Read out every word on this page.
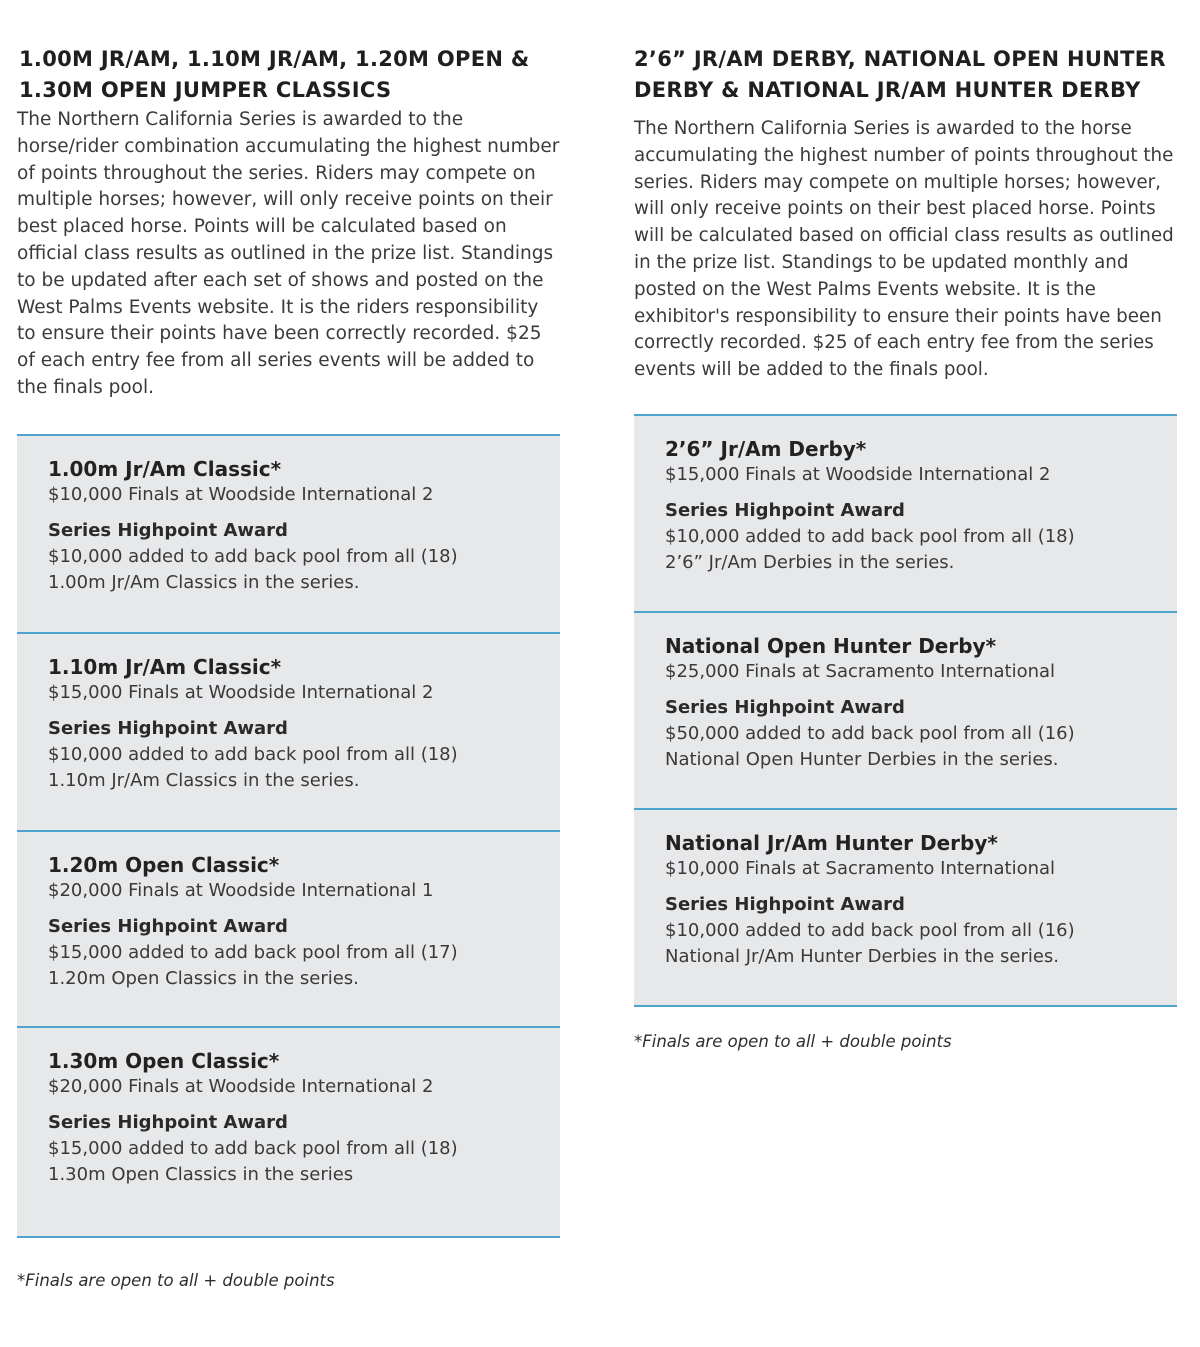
1.00M JR/AM, 1.10M JR/AM, 1.20M OPEN & 1.30M OPEN JUMPER CLASSICS

The Northern California Series is awarded to the horse/rider combination accumulating the highest number of points throughout the series. Riders may compete on multiple horses; however, will only receive points on their best placed horse. Points will be calculated based on official class results as outlined in the prize list. Standings to be updated after each set of shows and posted on the West Palms Events website. It is the riders responsibility to ensure their points have been correctly recorded. $25 of each entry fee from all series events will be added to the finals pool.

1.00m Jr/Am Classic*
$10,000 Finals at Woodside International 2
Series Highpoint Award
$10,000 added to add back pool from all (18)
1.00m Jr/Am Classics in the series.
1.10m Jr/Am Classic*
$15,000 Finals at Woodside International 2
Series Highpoint Award
$10,000 added to add back pool from all (18)
1.10m Jr/Am Classics in the series.
1.20m Open Classic*
$20,000 Finals at Woodside International 1
Series Highpoint Award
$15,000 added to add back pool from all (17)
1.20m Open Classics in the series.
1.30m Open Classic*
$20,000 Finals at Woodside International 2
Series Highpoint Award
$15,000 added to add back pool from all (18)
1.30m Open Classics in the series
*Finals are open to all + double points
2’6” JR/AM DERBY, NATIONAL OPEN HUNTER DERBY & NATIONAL JR/AM HUNTER DERBY

The Northern California Series is awarded to the horse accumulating the highest number of points throughout the series. Riders may compete on multiple horses; however, will only receive points on their best placed horse. Points will be calculated based on official class results as outlined in the prize list. Standings to be updated monthly and posted on the West Palms Events website. It is the exhibitor's responsibility to ensure their points have been correctly recorded. $25 of each entry fee from the series events will be added to the finals pool.

2’6” Jr/Am Derby*
$15,000 Finals at Woodside International 2
Series Highpoint Award
$10,000 added to add back pool from all (18)
2’6” Jr/Am Derbies in the series.
National Open Hunter Derby*
$25,000 Finals at Sacramento International
Series Highpoint Award
$50,000 added to add back pool from all (16)
National Open Hunter Derbies in the series.
National Jr/Am Hunter Derby*
$10,000 Finals at Sacramento International
Series Highpoint Award
$10,000 added to add back pool from all (16)
National Jr/Am Hunter Derbies in the series.
*Finals are open to all + double points
